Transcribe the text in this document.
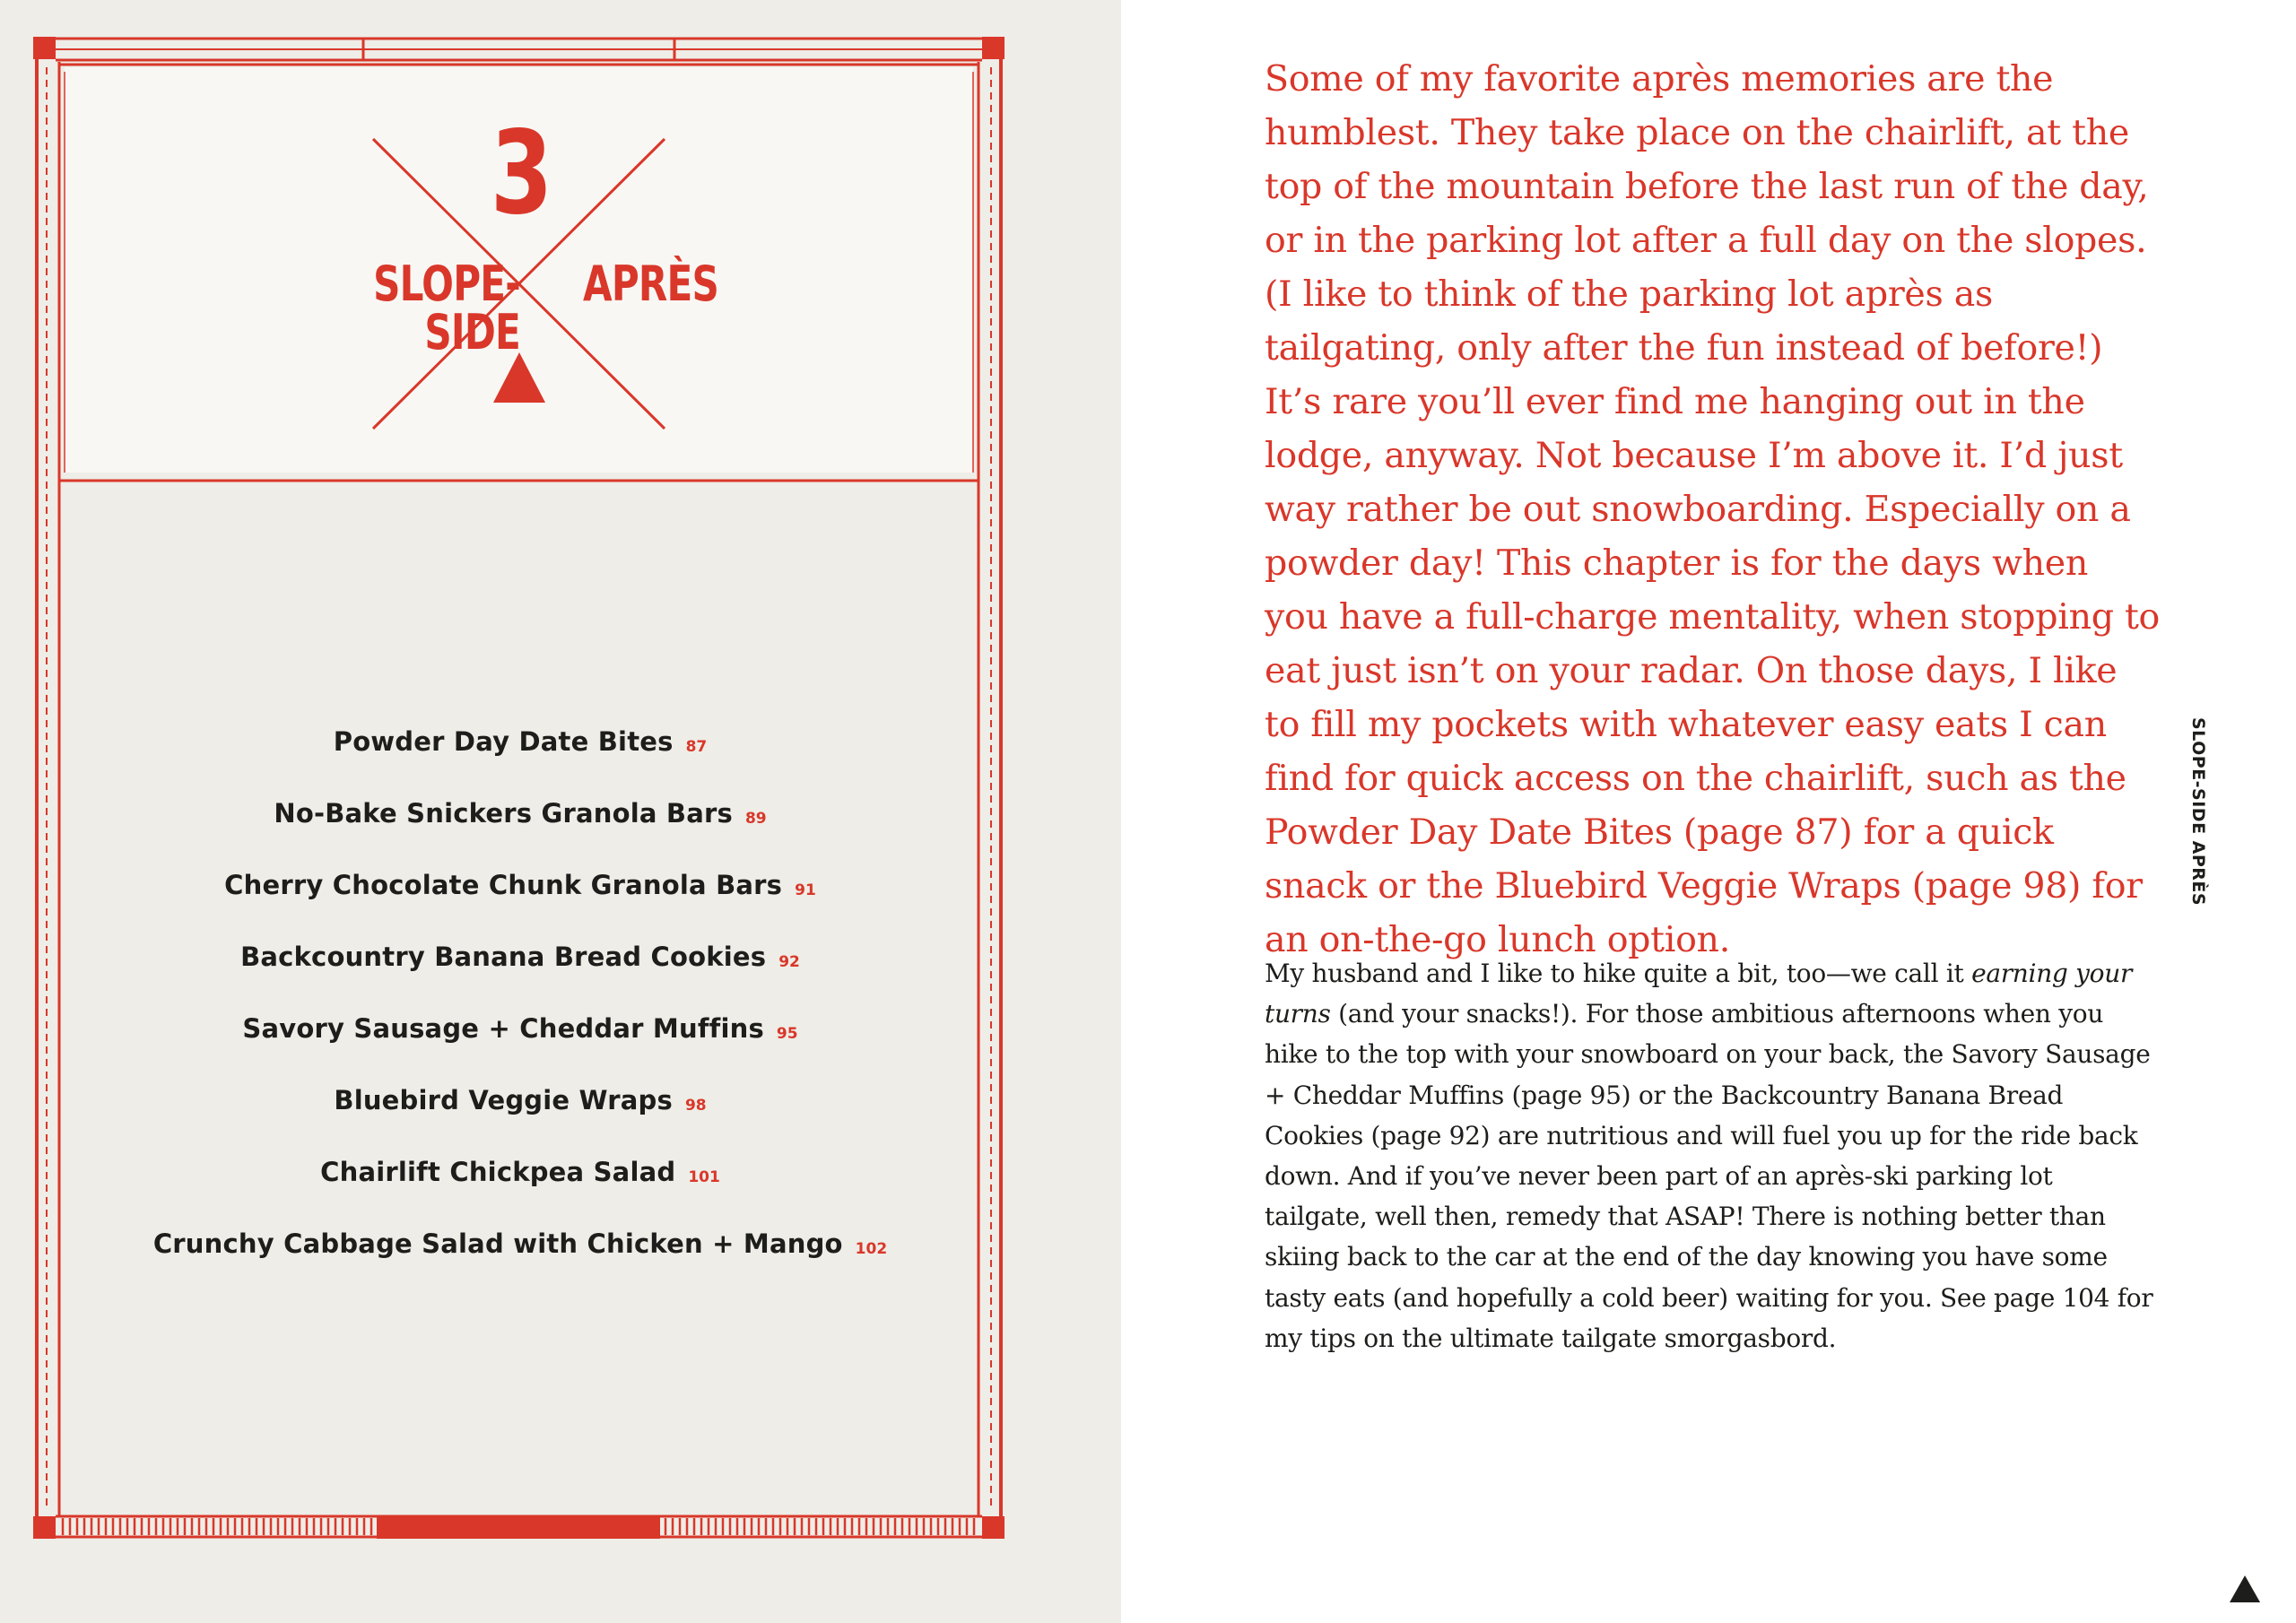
3
SLOPE-SIDE
APRÈS
Powder Day Date Bites 87
No-Bake Snickers Granola Bars 89
Cherry Chocolate Chunk Granola Bars 91
Backcountry Banana Bread Cookies 92
Savory Sausage + Cheddar Muffins 95
Bluebird Veggie Wraps 98
Chairlift Chickpea Salad 101
Crunchy Cabbage Salad with Chicken + Mango 102

Some of my favorite après memories are the humblest. They take place on the chairlift, at the top of the mountain before the last run of the day, or in the parking lot after a full day on the slopes. (I like to think of the parking lot après as tailgating, only after the fun instead of before!) It’s rare you’ll ever find me hanging out in the lodge, anyway. Not because I’m above it. I’d just way rather be out snowboarding. Especially on a powder day! This chapter is for the days when you have a full-charge mentality, when stopping to eat just isn’t on your radar. On those days, I like to fill my pockets with whatever easy eats I can find for quick access on the chairlift, such as the Powder Day Date Bites (page 87) for a quick snack or the Bluebird Veggie Wraps (page 98) for an on-the-go lunch option.

My husband and I like to hike quite a bit, too—we call it earning your turns (and your snacks!). For those ambitious afternoons when you hike to the top with your snowboard on your back, the Savory Sausage + Cheddar Muffins (page 95) or the Backcountry Banana Bread Cookies (page 92) are nutritious and will fuel you up for the ride back down. And if you’ve never been part of an après-ski parking lot tailgate, well then, remedy that ASAP! There is nothing better than skiing back to the car at the end of the day knowing you have some tasty eats (and hopefully a cold beer) waiting for you. See page 104 for my tips on the ultimate tailgate smorgasbord.

SLOPE-SIDE APRÈS
